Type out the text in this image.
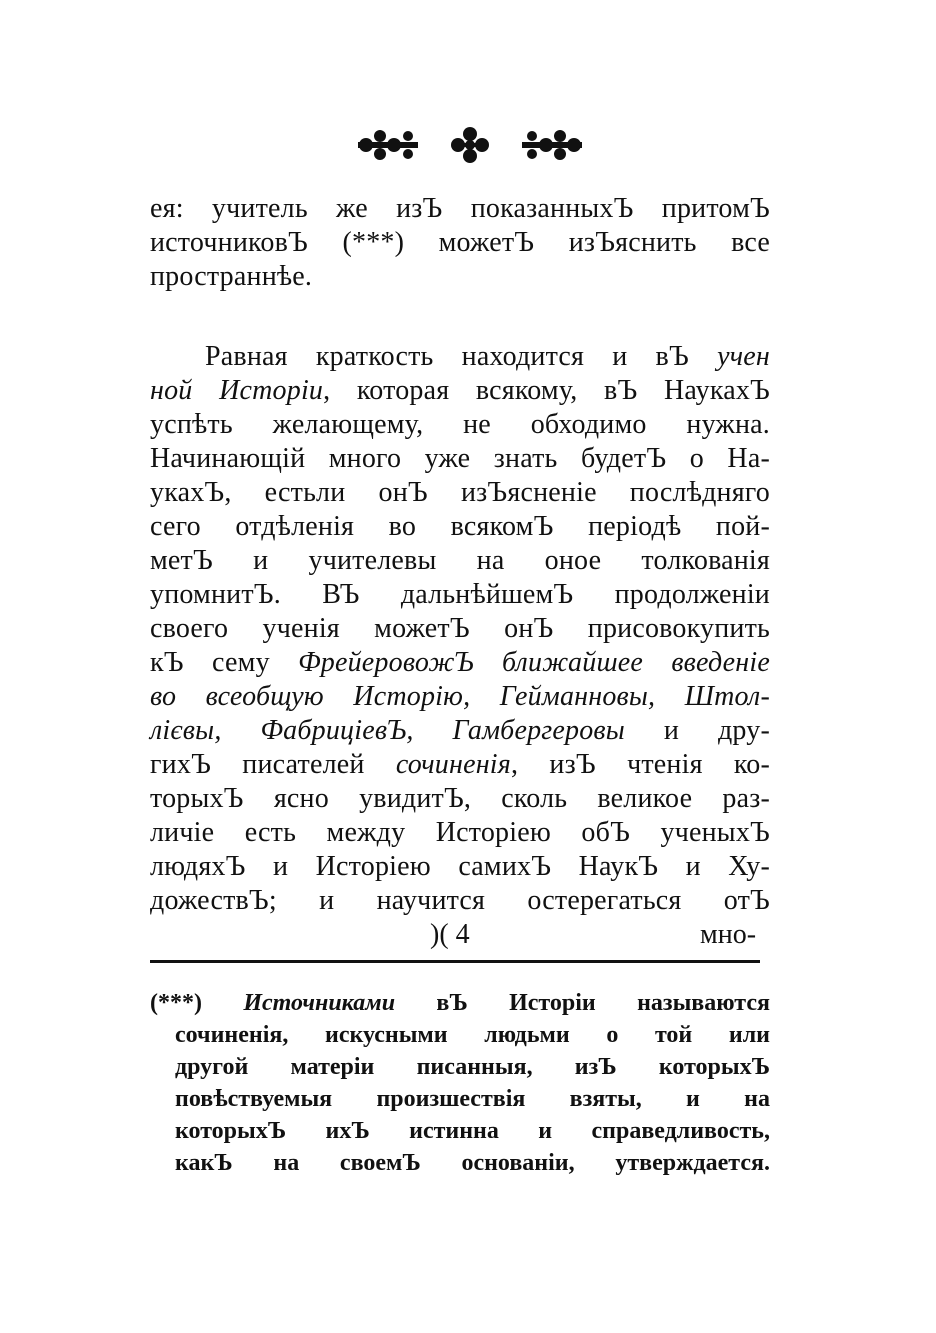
ея: учитель же изЪ показанныхЪ притомЪ
источниковЪ (***) можетЪ изЪяснить все
пространнѣе.
Равная краткость находится и вЪ учен
ной Исторіи, которая всякому, вЪ НаукахЪ
успѣть желающему, не обходимо нужна.
Начинающій много уже знать будетЪ о На-
укахЪ, естьли онЪ изЪясненіе послѣдняго
сего отдѣленія во всякомЪ періодѣ пой-
метЪ и учителевы на оное толкованія
упомнитЪ. ВЪ дальнѣйшемЪ продолженіи
своего ученія можетЪ онЪ присовокупить
кЪ сему ФрейеровожЪ ближайшее введеніе
во всеобщую Исторію, Гейманновы, Штол-
лієвы, ФабриціевЪ, Гамбергеровы и дру-
гихЪ писателей сочиненія, изЪ чтенія ко-
торыхЪ ясно увидитЪ, сколь великое раз-
личіе есть между Исторіею обЪ ученыхЪ
людяхЪ и Исторіею самихЪ НаукЪ и Ху-
дожествЪ; и научится остерегаться отЪ
)( 4	мно-
(***) Источниками вЪ Исторіи называются
сочиненія, искусными людьми о той или
другой матеріи писанныя, изЪ которыхЪ
повѣствуемыя произшествія взяты, и на
которыхЪ ихЪ истинна и справедливость,
какЪ на своемЪ основаніи, утверждается.
